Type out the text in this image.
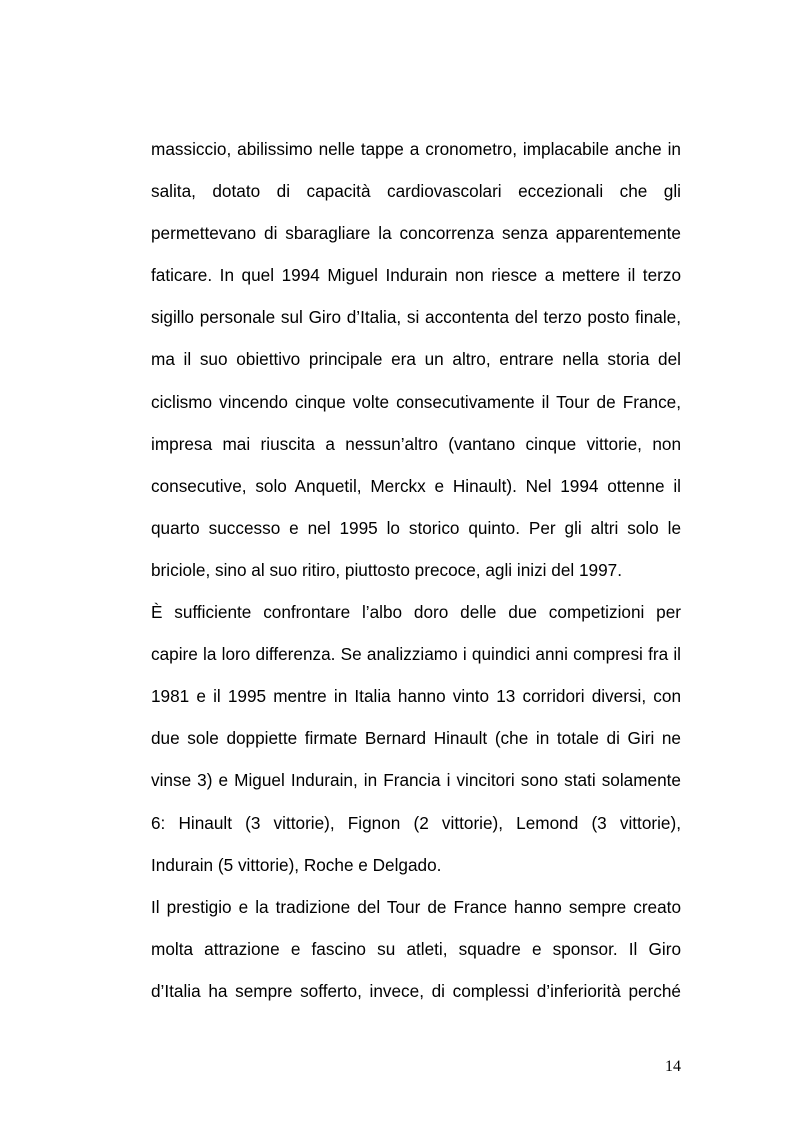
massiccio, abilissimo nelle tappe a cronometro, implacabile anche in
salita, dotato di capacità cardiovascolari eccezionali che gli
permettevano di sbaragliare la concorrenza senza apparentemente
faticare. In quel 1994 Miguel Indurain non riesce a mettere il terzo
sigillo personale sul Giro d’Italia, si accontenta del terzo posto finale,
ma il suo obiettivo principale era un altro, entrare nella storia del
ciclismo vincendo cinque volte consecutivamente il Tour de France,
impresa mai riuscita a nessun’altro (vantano cinque vittorie, non
consecutive, solo Anquetil, Merckx e Hinault). Nel 1994 ottenne il
quarto successo e nel 1995 lo storico quinto. Per gli altri solo le
briciole, sino al suo ritiro, piuttosto precoce, agli inizi del 1997.
È sufficiente confrontare l’albo doro delle due competizioni per
capire la loro differenza. Se analizziamo i quindici anni compresi fra il
1981 e il 1995 mentre in Italia hanno vinto 13 corridori diversi, con
due sole doppiette firmate Bernard Hinault (che in totale di Giri ne
vinse 3) e Miguel Indurain, in Francia i vincitori sono stati solamente
6: Hinault (3 vittorie), Fignon (2 vittorie), Lemond (3 vittorie),
Indurain (5 vittorie), Roche e Delgado.
Il prestigio e la tradizione del Tour de France hanno sempre creato
molta attrazione e fascino su atleti, squadre e sponsor. Il Giro
d’Italia ha sempre sofferto, invece, di complessi d’inferiorità perché
14
